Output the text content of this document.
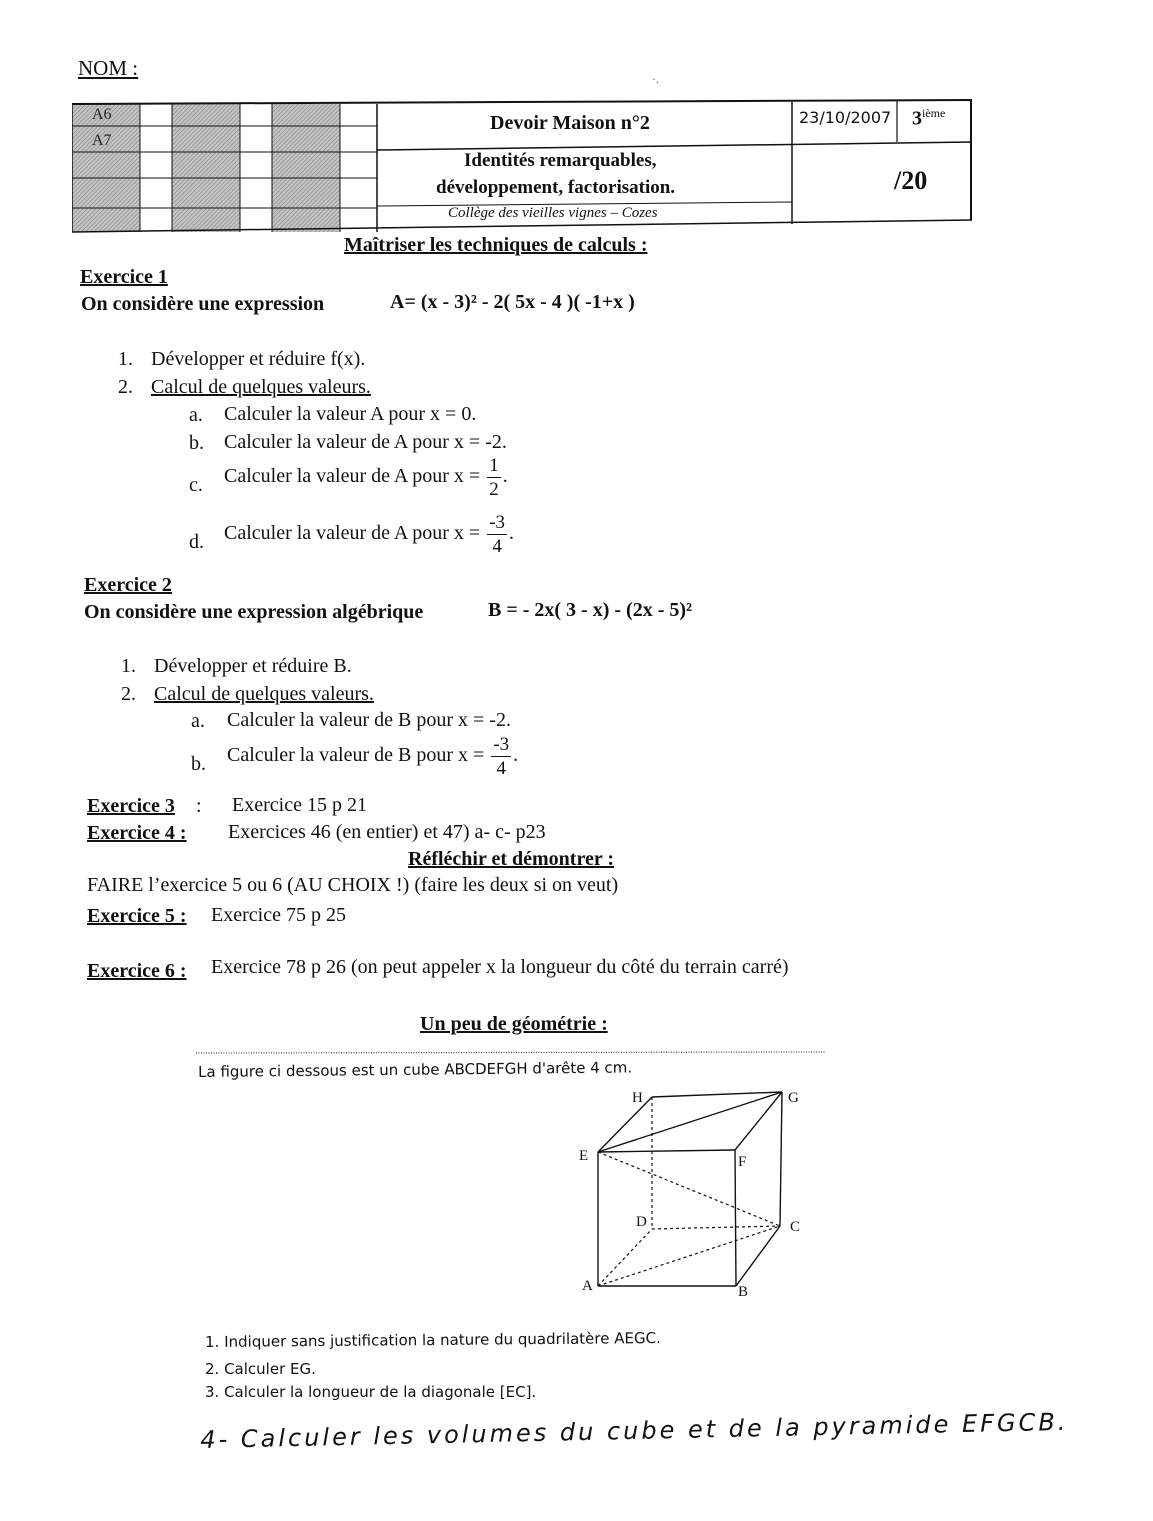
NOM :	·.
A6
A7
Devoir Maison n°2	23/10/2007 3ième
Identités remarquables,
développement, factorisation.
Collège des vieilles vignes – Cozes
/20
Maîtriser les techniques de calculs :
Exercice 1
On considère une expression	A= (x - 3)² - 2( 5x - 4 )( -1+x )
1. Développer et réduire f(x).
2. Calcul de quelques valeurs.
a. Calculer la valeur A pour x = 0.
b. Calculer la valeur de A pour x = -2.
c. Calculer la valeur de A pour $x = \frac{1}{2}$ .
d. Calculer la valeur de A pour $x = \frac{-3}{4}$ .
Exercice 2
On considère une expression algébrique	B = - 2x( 3 - x) - (2x - 5)²
1. Développer et réduire B.
2. Calcul de quelques valeurs.
a. Calculer la valeur de B pour x = -2.
b. Calculer la valeur de B pour $x = \frac{-3}{4}$ .
Exercice 3 : Exercice 15 p 21
Exercice 4 : Exercices 46 (en entier) et 47) a- c- p23
Réfléchir et démontrer :
FAIRE l’exercice 5 ou 6 (AU CHOIX !) (faire les deux si on veut)
Exercice 5 : Exercice 75 p 25
Exercice 6 : Exercice 78 p 26 (on peut appeler x la longueur du côté du terrain carré)
Un peu de géométrie :
La figure ci dessous est un cube ABCDEFGH d'arête 4 cm.
H	G
E	F
D	C
A	B
1. Indiquer sans justification la nature du quadrilatère AEGC.
2. Calculer EG.
3. Calculer la longueur de la diagonale [EC].
4- Calculer les volumes du cube et de la pyramide EFGCB.
